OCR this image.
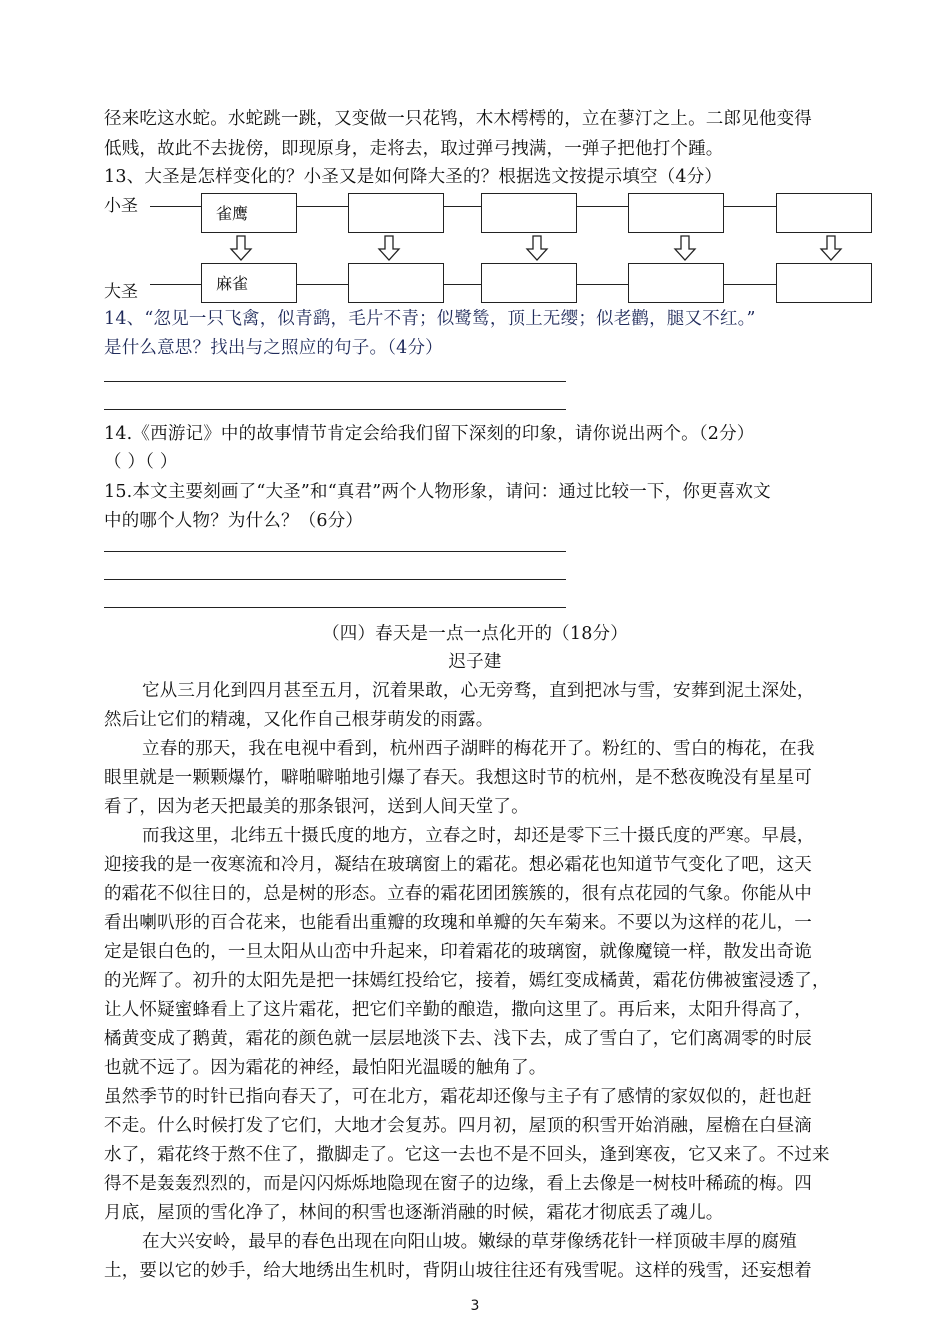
径来吃这水蛇。水蛇跳一跳，又变做一只花鸨，木木樗樗的，立在蓼汀之上。二郎见他变得
低贱，故此不去拢傍，即现原身，走将去，取过弹弓拽满，一弹子把他打个踵。
13、大圣是怎样变化的？小圣又是如何降大圣的？根据选文按提示填空（4分）
小圣
大圣
雀鹰
麻雀
14、“忽见一只飞禽，似青鹞，毛片不青；似鹭鸶，顶上无缨；似老鹳，腿又不红。”
是什么意思？找出与之照应的句子。（4分）
14.《西游记》中的故事情节肯定会给我们留下深刻的印象，请你说出两个。（2分）
（ ）（ ）
15.本文主要刻画了“大圣”和“真君”两个人物形象，请问：通过比较一下，你更喜欢文
中的哪个人物？为什么？（6分）
（四）春天是一点一点化开的（18分）
迟子建
它从三月化到四月甚至五月，沉着果敢，心无旁骛，直到把冰与雪，安葬到泥土深处，
然后让它们的精魂，又化作自己根芽萌发的雨露。
立春的那天，我在电视中看到，杭州西子湖畔的梅花开了。粉红的、雪白的梅花，在我
眼里就是一颗颗爆竹，噼啪噼啪地引爆了春天。我想这时节的杭州，是不愁夜晚没有星星可
看了，因为老天把最美的那条银河，送到人间天堂了。
而我这里，北纬五十摄氏度的地方，立春之时，却还是零下三十摄氏度的严寒。早晨，
迎接我的是一夜寒流和冷月，凝结在玻璃窗上的霜花。想必霜花也知道节气变化了吧，这天
的霜花不似往日的，总是树的形态。立春的霜花团团簇簇的，很有点花园的气象。你能从中
看出喇叭形的百合花来，也能看出重瓣的玫瑰和单瓣的矢车菊来。不要以为这样的花儿，一
定是银白色的，一旦太阳从山峦中升起来，印着霜花的玻璃窗，就像魔镜一样，散发出奇诡
的光辉了。初升的太阳先是把一抹嫣红投给它，接着，嫣红变成橘黄，霜花仿佛被蜜浸透了，
让人怀疑蜜蜂看上了这片霜花，把它们辛勤的酿造，撒向这里了。再后来，太阳升得高了，
橘黄变成了鹅黄，霜花的颜色就一层层地淡下去、浅下去，成了雪白了，它们离凋零的时辰
也就不远了。因为霜花的神经，最怕阳光温暖的触角了。
虽然季节的时针已指向春天了，可在北方，霜花却还像与主子有了感情的家奴似的，赶也赶
不走。什么时候打发了它们，大地才会复苏。四月初，屋顶的积雪开始消融，屋檐在白昼滴
水了，霜花终于熬不住了，撒脚走了。它这一去也不是不回头，逢到寒夜，它又来了。不过来
得不是轰轰烈烈的，而是闪闪烁烁地隐现在窗子的边缘，看上去像是一树枝叶稀疏的梅。四
月底，屋顶的雪化净了，林间的积雪也逐渐消融的时候，霜花才彻底丢了魂儿。
在大兴安岭，最早的春色出现在向阳山坡。嫩绿的草芽像绣花针一样顶破丰厚的腐殖
土，要以它的妙手，给大地绣出生机时，背阴山坡往往还有残雪呢。这样的残雪，还妄想着
3
